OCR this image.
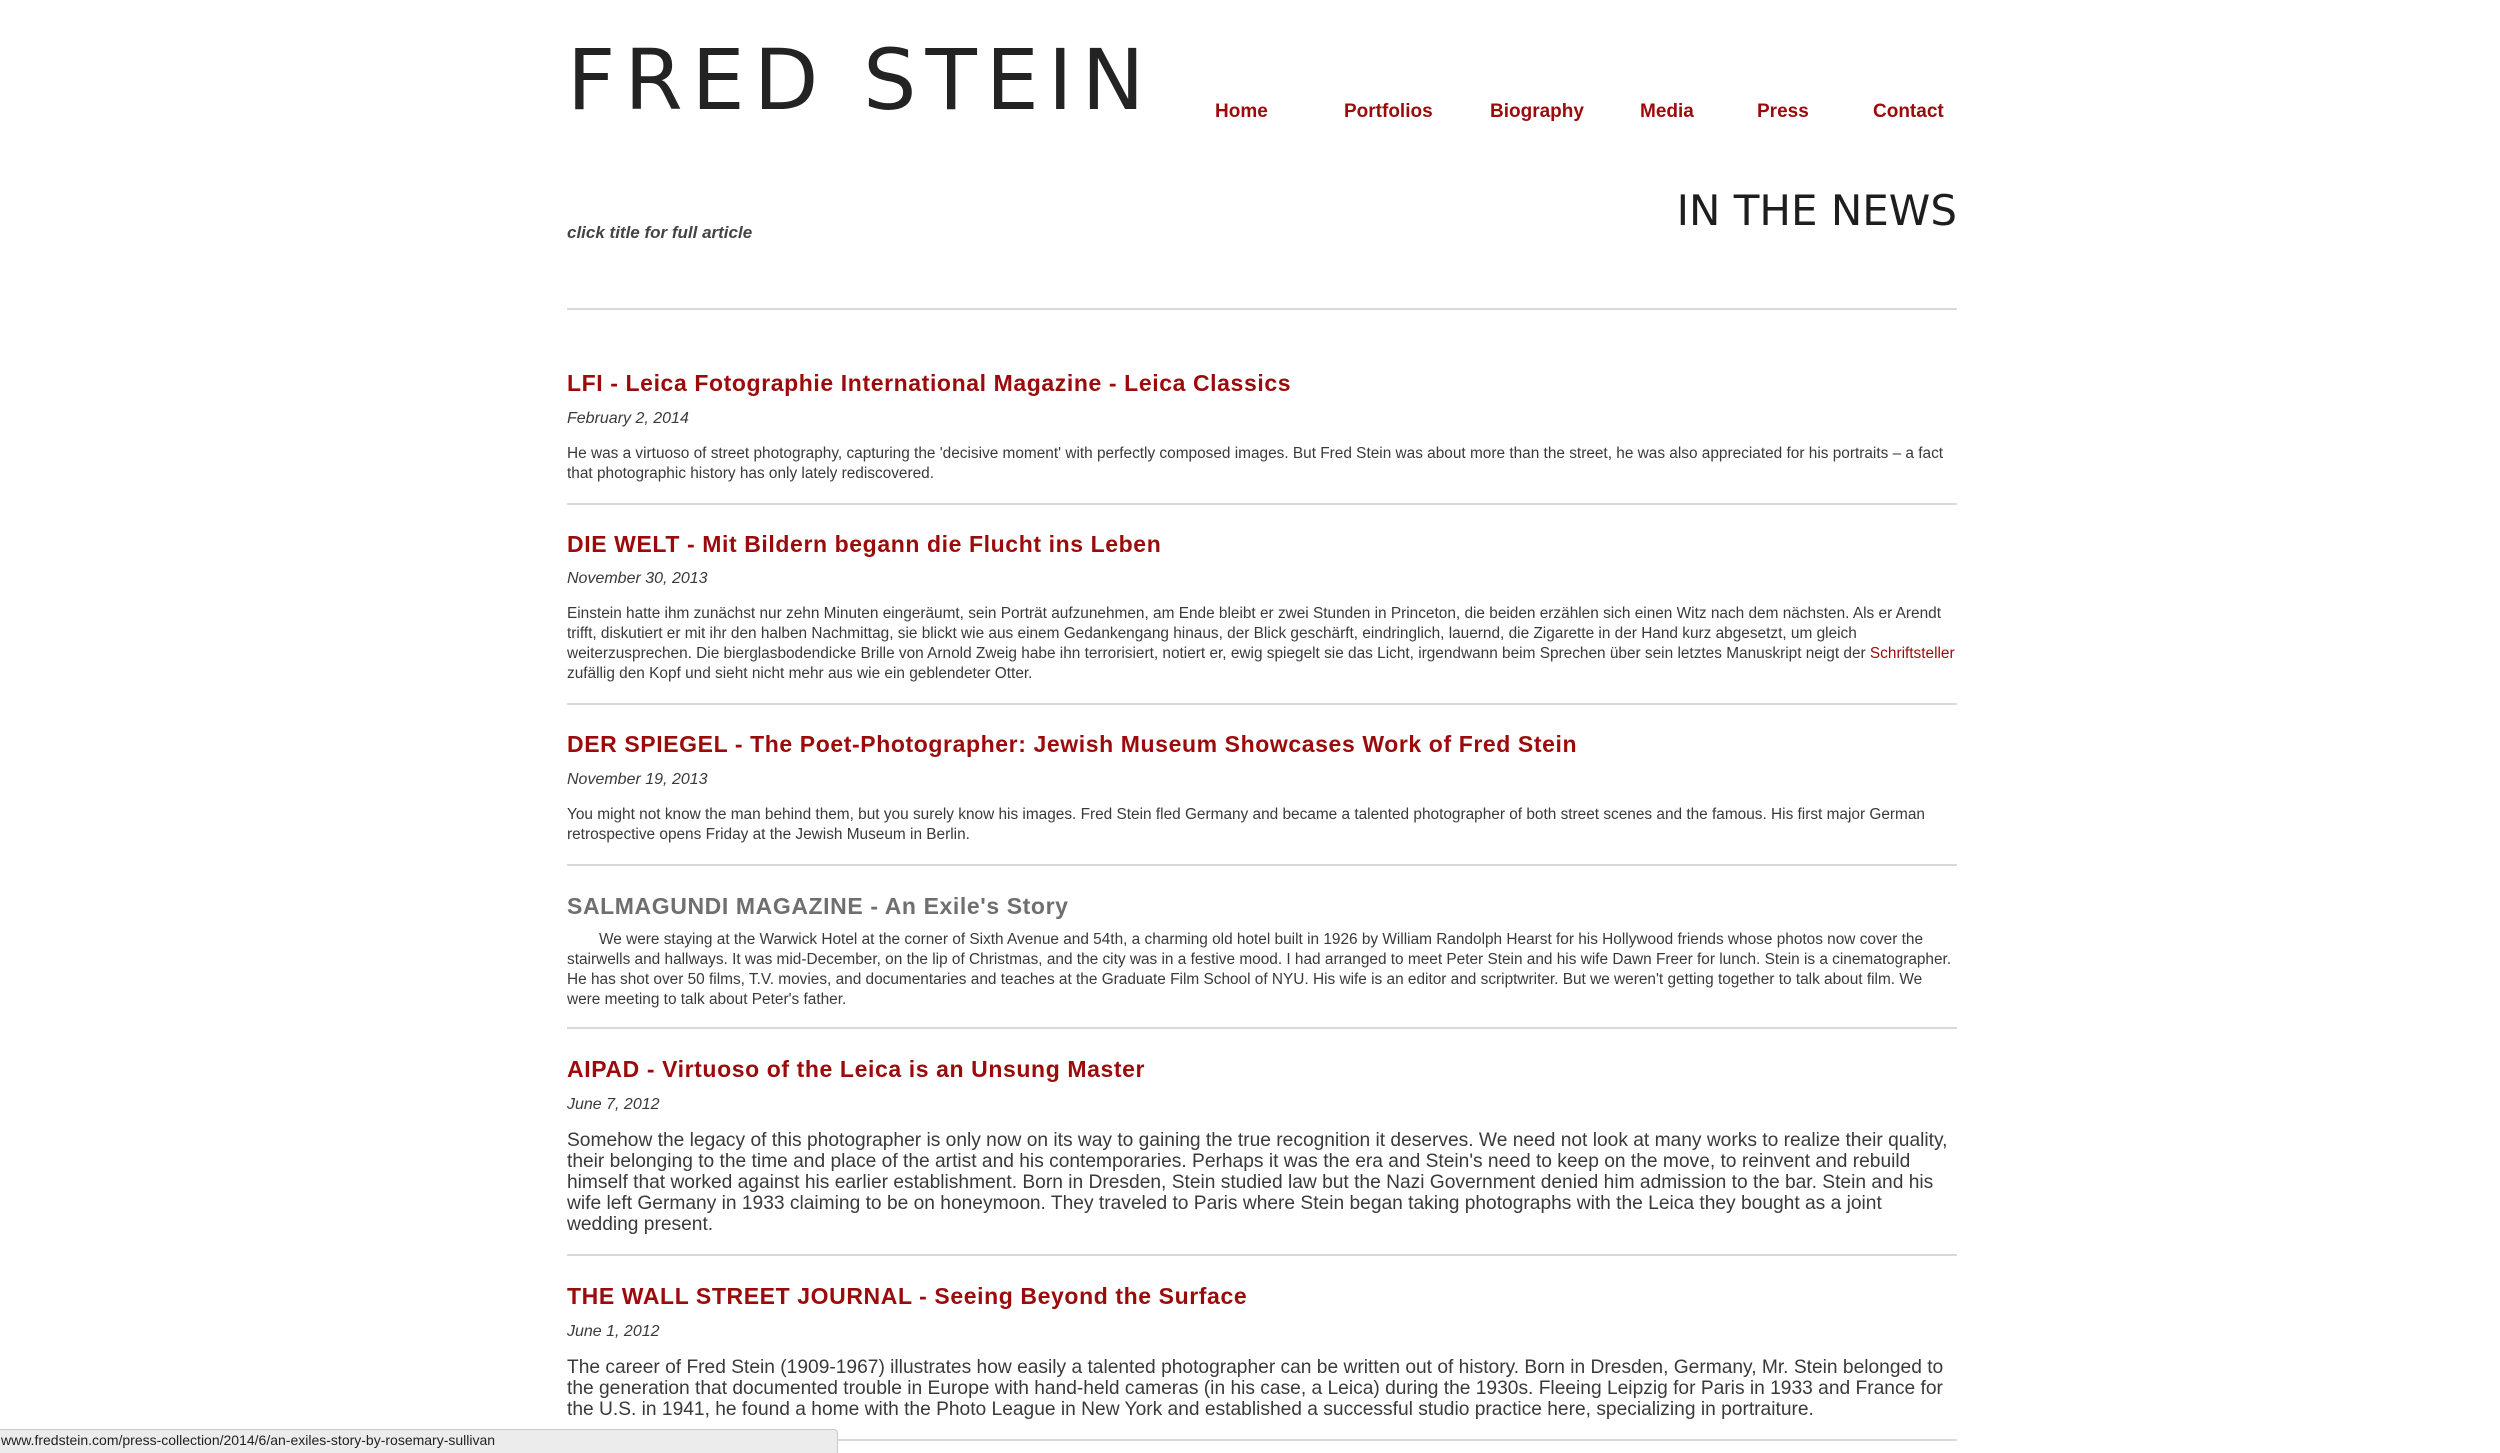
FRED STEIN	Home	Portfolios	Biography	Media	Press	Contact
click title for full article	IN THE NEWS
LFI - Leica Fotographie International Magazine - Leica Classics
February 2, 2014

He was a virtuoso of street photography, capturing the 'decisive moment' with perfectly composed images. But Fred Stein was about more than the street, he was also appreciated for his portraits – a fact that photographic history has only lately rediscovered.

DIE WELT - Mit Bildern begann die Flucht ins Leben
November 30, 2013

Einstein hatte ihm zunächst nur zehn Minuten eingeräumt, sein Porträt aufzunehmen, am Ende bleibt er zwei Stunden in Princeton, die beiden erzählen sich einen Witz nach dem nächsten. Als er Arendt trifft, diskutiert er mit ihr den halben Nachmittag, sie blickt wie aus einem Gedankengang hinaus, der Blick geschärft, eindringlich, lauernd, die Zigarette in der Hand kurz abgesetzt, um gleich weiterzusprechen. Die bierglasbodendicke Brille von Arnold Zweig habe ihn terrorisiert, notiert er, ewig spiegelt sie das Licht, irgendwann beim Sprechen über sein letztes Manuskript neigt der Schriftsteller zufällig den Kopf und sieht nicht mehr aus wie ein geblendeter Otter.

DER SPIEGEL - The Poet-Photographer: Jewish Museum Showcases Work of Fred Stein
November 19, 2013

You might not know the man behind them, but you surely know his images. Fred Stein fled Germany and became a talented photographer of both street scenes and the famous. His first major German retrospective opens Friday at the Jewish Museum in Berlin.

SALMAGUNDI MAGAZINE - An Exile's Story

We were staying at the Warwick Hotel at the corner of Sixth Avenue and 54th, a charming old hotel built in 1926 by William Randolph Hearst for his Hollywood friends whose photos now cover the stairwells and hallways. It was mid-December, on the lip of Christmas, and the city was in a festive mood. I had arranged to meet Peter Stein and his wife Dawn Freer for lunch. Stein is a cinematographer. He has shot over 50 films, T.V. movies, and documentaries and teaches at the Graduate Film School of NYU. His wife is an editor and scriptwriter. But we weren't getting together to talk about film. We were meeting to talk about Peter's father.

AIPAD - Virtuoso of the Leica is an Unsung Master
June 7, 2012

Somehow the legacy of this photographer is only now on its way to gaining the true recognition it deserves. We need not look at many works to realize their quality, their belonging to the time and place of the artist and his contemporaries. Perhaps it was the era and Stein's need to keep on the move, to reinvent and rebuild himself that worked against his earlier establishment. Born in Dresden, Stein studied law but the Nazi Government denied him admission to the bar. Stein and his wife left Germany in 1933 claiming to be on honeymoon. They traveled to Paris where Stein began taking photographs with the Leica they bought as a joint wedding present.

THE WALL STREET JOURNAL - Seeing Beyond the Surface
June 1, 2012

The career of Fred Stein (1909-1967) illustrates how easily a talented photographer can be written out of history. Born in Dresden, Germany, Mr. Stein belonged to the generation that documented trouble in Europe with hand-held cameras (in his case, a Leica) during the 1930s. Fleeing Leipzig for Paris in 1933 and France for the U.S. in 1941, he found a home with the Photo League in New York and established a successful studio practice here, specializing in portraiture.

www.fredstein.com/press-collection/2014/6/an-exiles-story-by-rosemary-sullivan
